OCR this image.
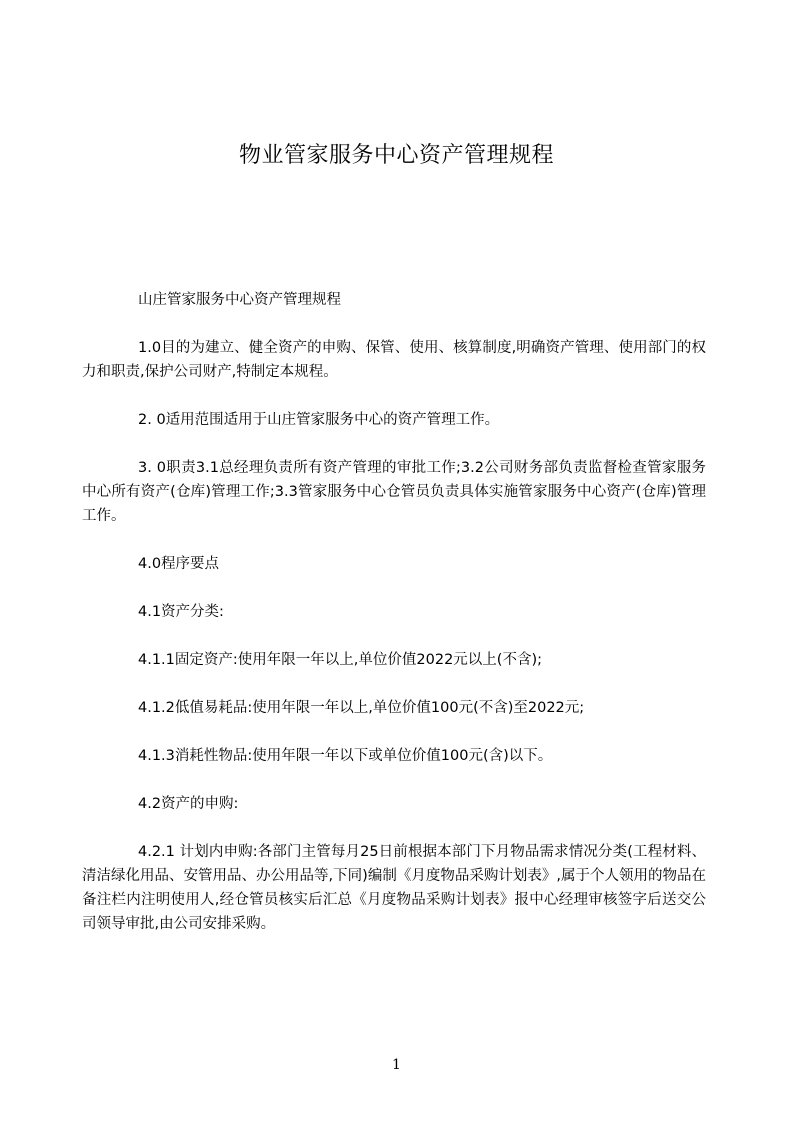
物业管家服务中心资产管理规程

山庄管家服务中心资产管理规程

1.0目的为建立、健全资产的申购、保管、使用、核算制度,明确资产管理、使用部门的权力和职责,保护公司财产,特制定本规程。

2. 0适用范围适用于山庄管家服务中心的资产管理工作。

3. 0职责3.1总经理负责所有资产管理的审批工作;3.2公司财务部负责监督检查管家服务中心所有资产(仓库)管理工作;3.3管家服务中心仓管员负责具体实施管家服务中心资产(仓库)管理工作。

4.0程序要点

4.1资产分类:

4.1.1固定资产:使用年限一年以上,单位价值2022元以上(不含);

4.1.2低值易耗品:使用年限一年以上,单位价值100元(不含)至2022元;

4.1.3消耗性物品:使用年限一年以下或单位价值100元(含)以下。

4.2资产的申购:

4.2.1 计划内申购:各部门主管每月25日前根据本部门下月物品需求情况分类(工程材料、清洁绿化用品、安管用品、办公用品等,下同)编制《月度物品采购计划表》,属于个人领用的物品在备注栏内注明使用人,经仓管员核实后汇总《月度物品采购计划表》报中心经理审核签字后送交公司领导审批,由公司安排采购。

1
